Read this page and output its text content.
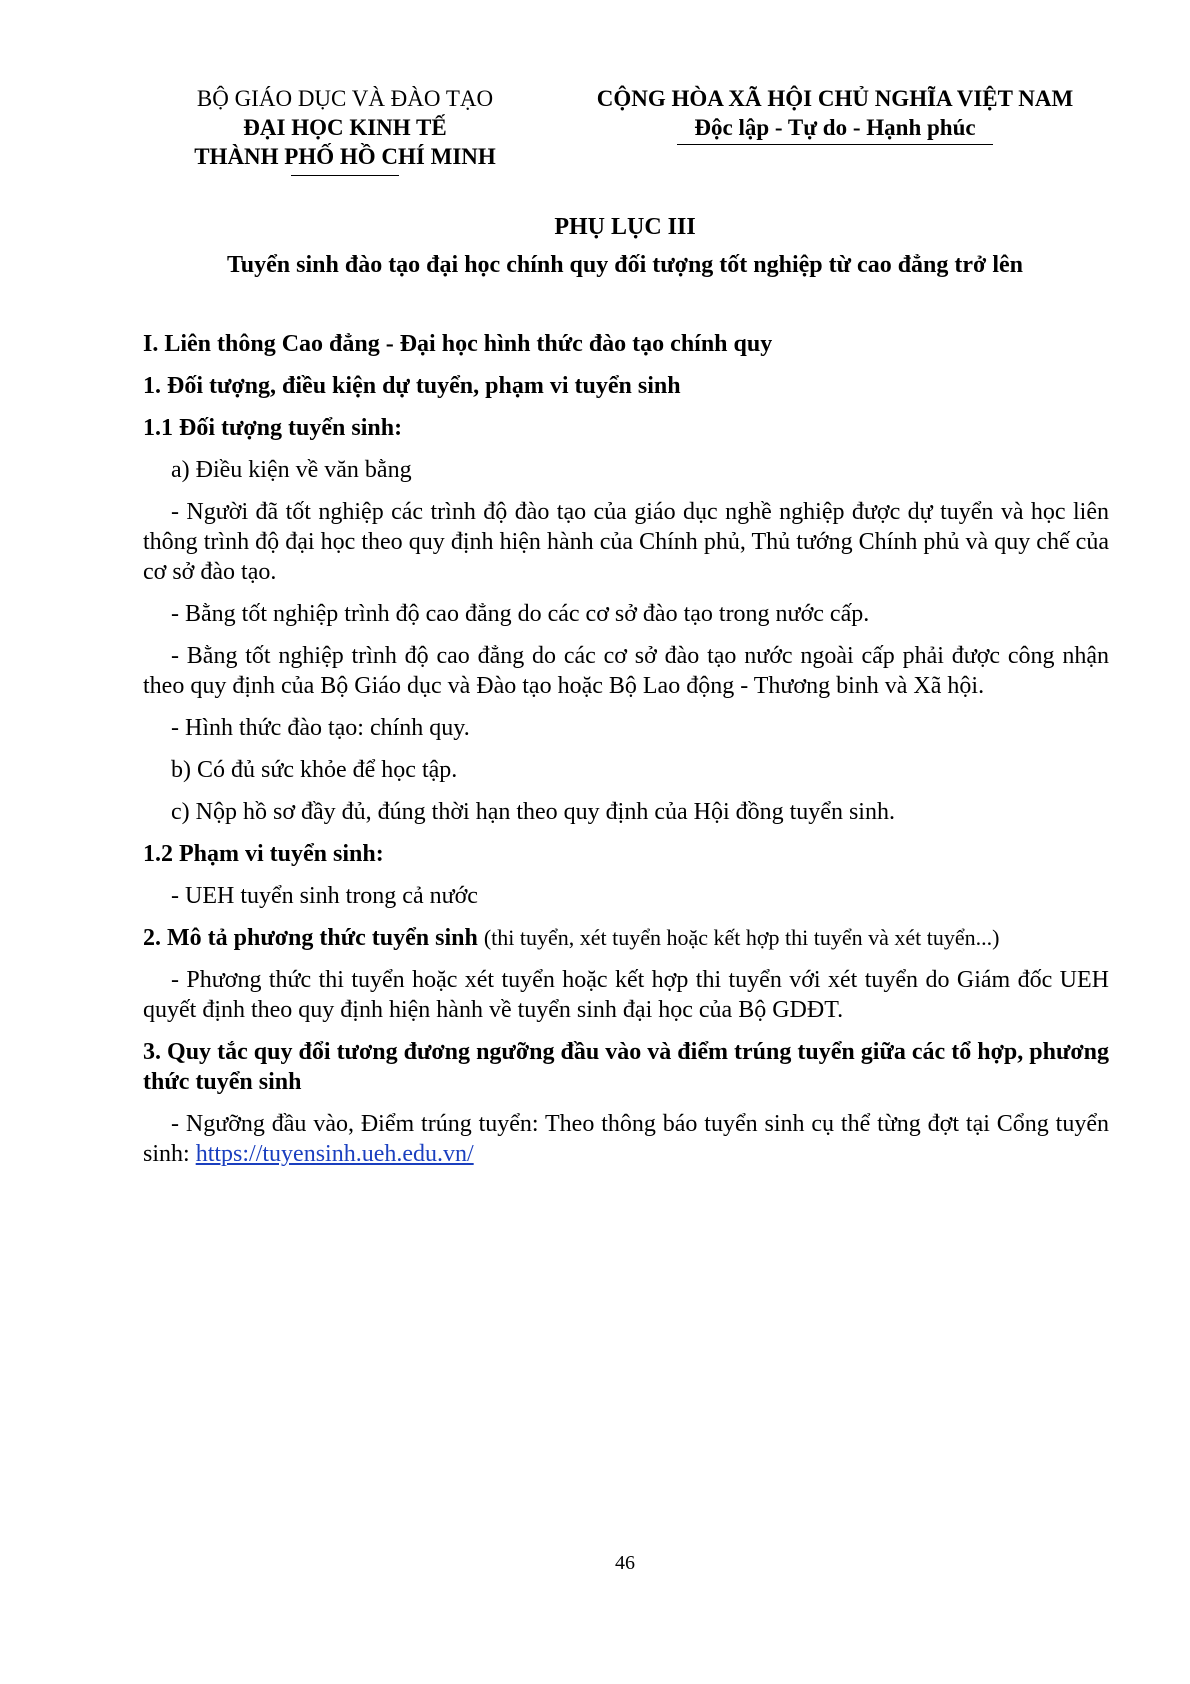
BỘ GIÁO DỤC VÀ ĐÀO TẠO
ĐẠI HỌC KINH TẾ
THÀNH PHỐ HỒ CHÍ MINH
CỘNG HÒA XÃ HỘI CHỦ NGHĨA VIỆT NAM
Độc lập - Tự do - Hạnh phúc
PHỤ LỤC III
Tuyển sinh đào tạo đại học chính quy đối tượng tốt nghiệp từ cao đẳng trở lên

I. Liên thông Cao đẳng - Đại học hình thức đào tạo chính quy

1. Đối tượng, điều kiện dự tuyển, phạm vi tuyển sinh

1.1 Đối tượng tuyển sinh:

a) Điều kiện về văn bằng

- Người đã tốt nghiệp các trình độ đào tạo của giáo dục nghề nghiệp được dự tuyển và học liên thông trình độ đại học theo quy định hiện hành của Chính phủ, Thủ tướng Chính phủ và quy chế của cơ sở đào tạo.

- Bằng tốt nghiệp trình độ cao đẳng do các cơ sở đào tạo trong nước cấp.

- Bằng tốt nghiệp trình độ cao đẳng do các cơ sở đào tạo nước ngoài cấp phải được công nhận theo quy định của Bộ Giáo dục và Đào tạo hoặc Bộ Lao động - Thương binh và Xã hội.

- Hình thức đào tạo: chính quy.

b) Có đủ sức khỏe để học tập.

c) Nộp hồ sơ đầy đủ, đúng thời hạn theo quy định của Hội đồng tuyển sinh.

1.2 Phạm vi tuyển sinh:

- UEH tuyển sinh trong cả nước

2. Mô tả phương thức tuyển sinh (thi tuyển, xét tuyển hoặc kết hợp thi tuyển và xét tuyển...)

- Phương thức thi tuyển hoặc xét tuyển hoặc kết hợp thi tuyển với xét tuyển do Giám đốc UEH quyết định theo quy định hiện hành về tuyển sinh đại học của Bộ GDĐT.

3. Quy tắc quy đổi tương đương ngưỡng đầu vào và điểm trúng tuyển giữa các tổ hợp, phương thức tuyển sinh

- Ngưỡng đầu vào, Điểm trúng tuyển: Theo thông báo tuyển sinh cụ thể từng đợt tại Cổng tuyển sinh: https://tuyensinh.ueh.edu.vn/

46
